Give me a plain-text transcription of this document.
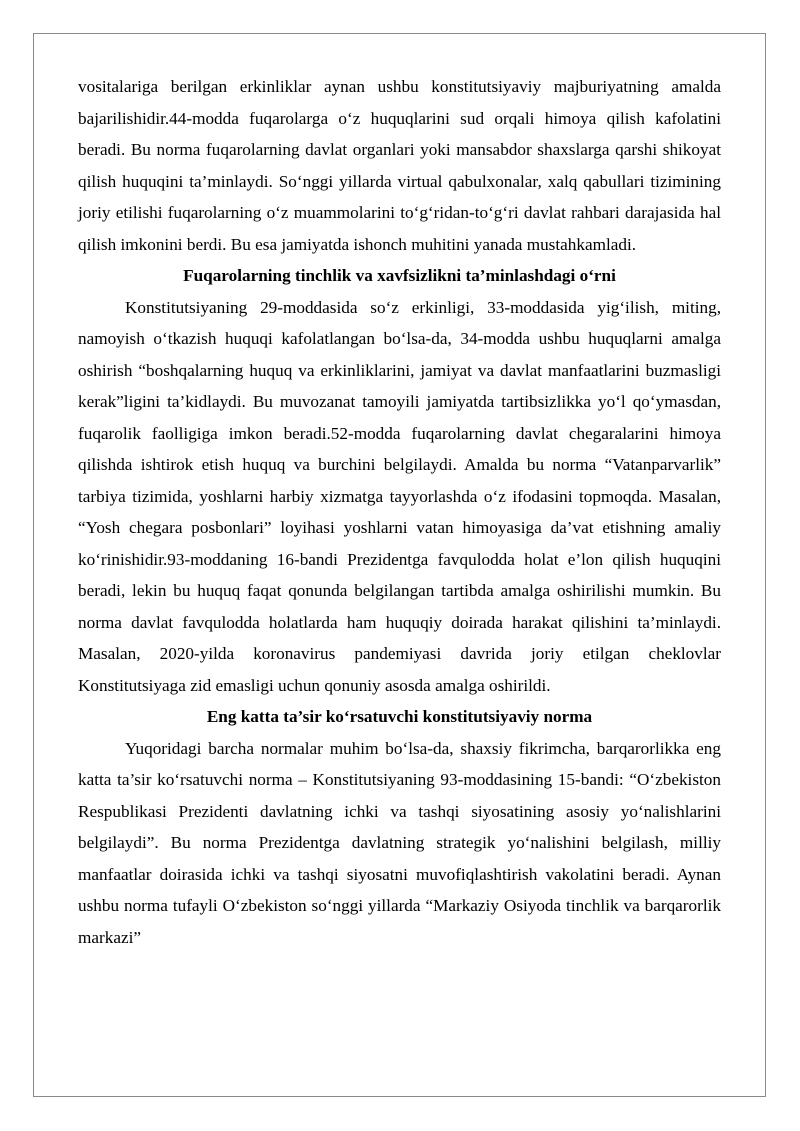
vositalariga berilgan erkinliklar aynan ushbu konstitutsiyaviy majburiyatning amalda bajarilishidir.44-modda fuqarolarga o‘z huquqlarini sud orqali himoya qilish kafolatini beradi. Bu norma fuqarolarning davlat organlari yoki mansabdor shaxslarga qarshi shikoyat qilish huquqini ta’minlaydi. So‘nggi yillarda virtual qabulxonalar, xalq qabullari tizimining joriy etilishi fuqarolarning o‘z muammolarini to‘g‘ridan-to‘g‘ri davlat rahbari darajasida hal qilish imkonini berdi. Bu esa jamiyatda ishonch muhitini yanada mustahkamladi.

Fuqarolarning tinchlik va xavfsizlikni ta’minlashdagi o‘rni

Konstitutsiyaning 29-moddasida so‘z erkinligi, 33-moddasida yig‘ilish, miting, namoyish o‘tkazish huquqi kafolatlangan bo‘lsa-da, 34-modda ushbu huquqlarni amalga oshirish “boshqalarning huquq va erkinliklarini, jamiyat va davlat manfaatlarini buzmasligi kerak”ligini ta’kidlaydi. Bu muvozanat tamoyili jamiyatda tartibsizlikka yo‘l qo‘ymasdan, fuqarolik faolligiga imkon beradi.52-modda fuqarolarning davlat chegaralarini himoya qilishda ishtirok etish huquq va burchini belgilaydi. Amalda bu norma “Vatanparvarlik” tarbiya tizimida, yoshlarni harbiy xizmatga tayyorlashda o‘z ifodasini topmoqda. Masalan, “Yosh chegara posbonlari” loyihasi yoshlarni vatan himoyasiga da’vat etishning amaliy ko‘rinishidir.93-moddaning 16-bandi Prezidentga favqulodda holat e’lon qilish huquqini beradi, lekin bu huquq faqat qonunda belgilangan tartibda amalga oshirilishi mumkin. Bu norma davlat favqulodda holatlarda ham huquqiy doirada harakat qilishini ta’minlaydi. Masalan, 2020-yilda koronavirus pandemiyasi davrida joriy etilgan cheklovlar Konstitutsiyaga zid emasligi uchun qonuniy asosda amalga oshirildi.

Eng katta ta’sir ko‘rsatuvchi konstitutsiyaviy norma

Yuqoridagi barcha normalar muhim bo‘lsa-da, shaxsiy fikrimcha, barqarorlikka eng katta ta’sir ko‘rsatuvchi norma – Konstitutsiyaning 93-moddasining 15-bandi: “O‘zbekiston Respublikasi Prezidenti davlatning ichki va tashqi siyosatining asosiy yo‘nalishlarini belgilaydi”. Bu norma Prezidentga davlatning strategik yo‘nalishini belgilash, milliy manfaatlar doirasida ichki va tashqi siyosatni muvofiqlashtirish vakolatini beradi. Aynan ushbu norma tufayli O‘zbekiston so‘nggi yillarda “Markaziy Osiyoda tinchlik va barqarorlik markazi”
